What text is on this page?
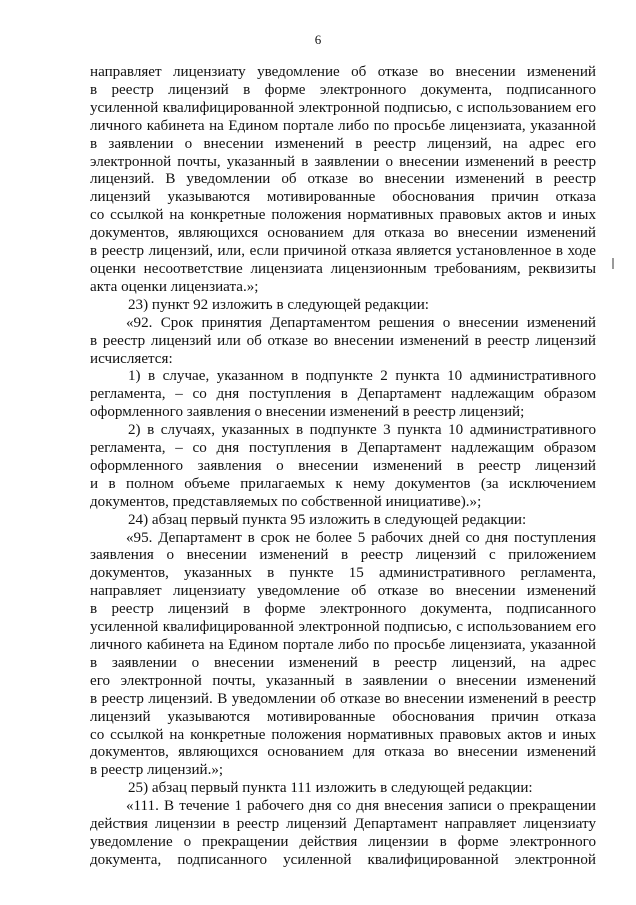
6
направляет лицензиату уведомление об отказе во внесении изменений
в реестр лицензий в форме электронного документа, подписанного
усиленной квалифицированной электронной подписью, с использованием его
личного кабинета на Едином портале либо по просьбе лицензиата, указанной
в заявлении о внесении изменений в реестр лицензий, на адрес его
электронной почты, указанный в заявлении о внесении изменений в реестр
лицензий. В уведомлении об отказе во внесении изменений в реестр
лицензий указываются мотивированные обоснования причин отказа
со ссылкой на конкретные положения нормативных правовых актов и иных
документов, являющихся основанием для отказа во внесении изменений
в реестр лицензий, или, если причиной отказа является установленное в ходе
оценки несоответствие лицензиата лицензионным требованиям, реквизиты
акта оценки лицензиата.»;
23) пункт 92 изложить в следующей редакции:
«92. Срок принятия Департаментом решения о внесении изменений
в реестр лицензий или об отказе во внесении изменений в реестр лицензий
исчисляется:
1) в случае, указанном в подпункте 2 пункта 10 административного
регламента, – со дня поступления в Департамент надлежащим образом
оформленного заявления о внесении изменений в реестр лицензий;
2) в случаях, указанных в подпункте 3 пункта 10 административного
регламента, – со дня поступления в Департамент надлежащим образом
оформленного заявления о внесении изменений в реестр лицензий
и в полном объеме прилагаемых к нему документов (за исключением
документов, представляемых по собственной инициативе).»;
24) абзац первый пункта 95 изложить в следующей редакции:
«95. Департамент в срок не более 5 рабочих дней со дня поступления
заявления о внесении изменений в реестр лицензий с приложением
документов, указанных в пункте 15 административного регламента,
направляет лицензиату уведомление об отказе во внесении изменений
в реестр лицензий в форме электронного документа, подписанного
усиленной квалифицированной электронной подписью, с использованием его
личного кабинета на Едином портале либо по просьбе лицензиата, указанной
в заявлении о внесении изменений в реестр лицензий, на адрес
его электронной почты, указанный в заявлении о внесении изменений
в реестр лицензий. В уведомлении об отказе во внесении изменений в реестр
лицензий указываются мотивированные обоснования причин отказа
со ссылкой на конкретные положения нормативных правовых актов и иных
документов, являющихся основанием для отказа во внесении изменений
в реестр лицензий.»;
25) абзац первый пункта 111 изложить в следующей редакции:
«111. В течение 1 рабочего дня со дня внесения записи о прекращении
действия лицензии в реестр лицензий Департамент направляет лицензиату
уведомление о прекращении действия лицензии в форме электронного
документа, подписанного усиленной квалифицированной электронной
